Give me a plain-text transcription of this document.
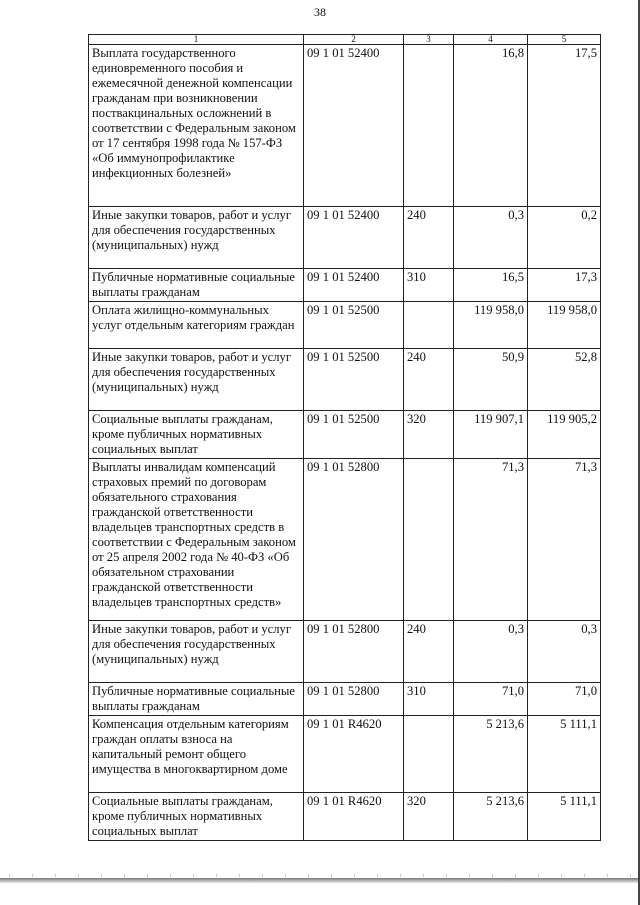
38
1	2	3	4	5
Выплата государственного единовременного пособия и ежемесячной денежной компенсации гражданам при возникновении поствакцинальных осложнений в соответствии с Федеральным законом от 17 сентября 1998 года № 157-ФЗ «Об иммунопрофилактике инфекционных болезней»	09 1 01 52400		16,8	17,5
Иные закупки товаров, работ и услуг для обеспечения государственных (муниципальных) нужд	09 1 01 52400	240	0,3	0,2
Публичные нормативные социальные выплаты гражданам	09 1 01 52400	310	16,5	17,3
Оплата жилищно-коммунальных услуг отдельным категориям граждан	09 1 01 52500		119 958,0	119 958,0
Иные закупки товаров, работ и услуг для обеспечения государственных (муниципальных) нужд	09 1 01 52500	240	50,9	52,8
Социальные выплаты гражданам, кроме публичных нормативных социальных выплат	09 1 01 52500	320	119 907,1	119 905,2
Выплаты инвалидам компенсаций страховых премий по договорам обязательного страхования гражданской ответственности владельцев транспортных средств в соответствии с Федеральным законом от 25 апреля 2002 года № 40-ФЗ «Об обязательном страховании гражданской ответственности владельцев транспортных средств»	09 1 01 52800		71,3	71,3
Иные закупки товаров, работ и услуг для обеспечения государственных (муниципальных) нужд	09 1 01 52800	240	0,3	0,3
Публичные нормативные социальные выплаты гражданам	09 1 01 52800	310	71,0	71,0
Компенсация отдельным категориям граждан оплаты взноса на капитальный ремонт общего имущества в многоквартирном доме	09 1 01 R4620		5 213,6	5 111,1
Социальные выплаты гражданам, кроме публичных нормативных социальных выплат	09 1 01 R4620	320	5 213,6	5 111,1
